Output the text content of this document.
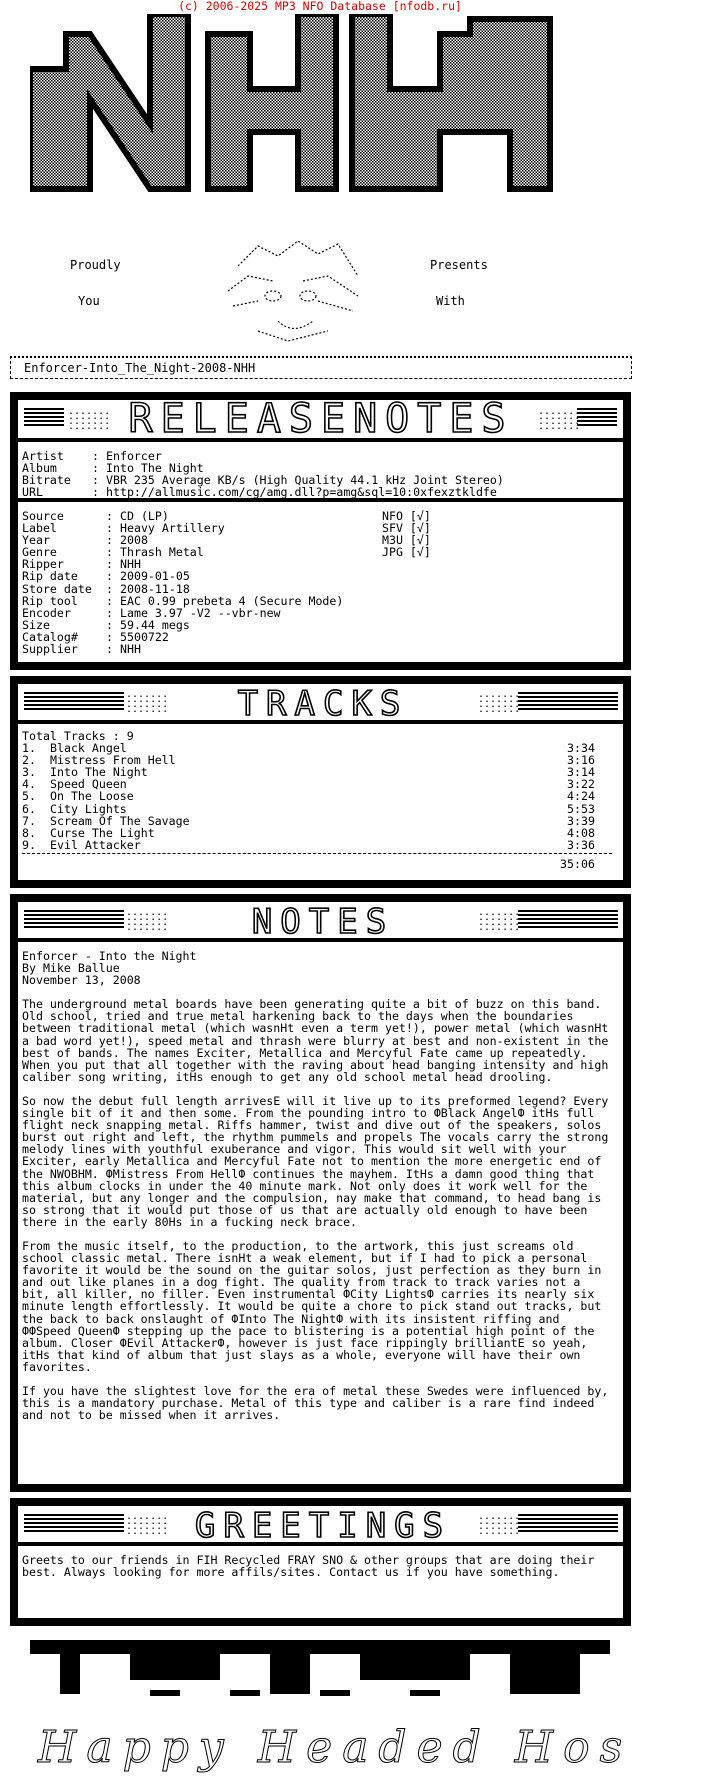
(c) 2006-2025 MP3 NFO Database [nfodb.ru]
Proudly	Presents
You	With
Enforcer-Into_The_Night-2008-NHH
.......
.......
.......
.......
.......
.......
.......
.......
RELEASENOTES
Artist : Enforcer
Album	: Into The Night
Bitrate : VBR 235 Average KB/s (High Quality 44.1 kHz Joint Stereo)
URL	: http://allmusic.com/cg/amg.dll?p=amg&sql=10:0xfexztkldfe
Source	: CD (LP)	NFO [√]
Label	: Heavy Artillery	SFV [√]
Year	: 2008	M3U [√]
Genre	: Thrash Metal	JPG [√]
Ripper	: NHH
Rip date : 2009-01-05
Store date : 2008-11-18
Rip tool : EAC 0.99 prebeta 4 (Secure Mode)
Encoder	: Lame 3.97 -V2 --vbr-new
Size	: 59.44 megs
Catalog# : 5500722
Supplier : NHH
.......
.......
.......
.......
.......
.......
.......
.......
TRACKS
Total Tracks : 9
1. Black Angel	3:34
2. Mistress From Hell	3:16
3. Into The Night	3:14
4. Speed Queen	3:22
5. On The Loose	4:24
6. City Lights	5:53
7. Scream Of The Savage	3:39
8. Curse The Light	4:08
9. Evil Attacker	3:36
35:06
.......
.......
.......
.......
.......
.......
.......
.......
NOTES
Enforcer - Into the Night
By Mike Ballue
November 13, 2008
The underground metal boards have been generating quite a bit of buzz on this band. Old school, tried and true metal harkening back to the days when the boundaries between traditional metal (which wasnНt even a term yet!), power metal (which wasnНt a bad word yet!), speed metal and thrash were blurry at best and non-existent in the best of bands. The names Exciter, Metallica and Mercyful Fate came up repeatedly. When you put that all together with the raving about head banging intensity and high caliber song writing, itНs enough to get any old school metal head drooling.
So now the debut full length arrivesЕ will it live up to its preformed legend? Every single bit of it and then some. From the pounding intro to ФBlack AngelФ itНs full flight neck snapping metal. Riffs hammer, twist and dive out of the speakers, solos burst out right and left, the rhythm pummels and propels The vocals carry the strong melody lines with youthful exuberance and vigor. This would sit well with your Exciter, early Metallica and Mercyful Fate not to mention the more energetic end of the NWOBHM. ФMistress From HellФ continues the mayhem. ItНs a damn good thing that this album clocks in under the 40 minute mark. Not only does it work well for the material, but any longer and the compulsion, nay make that command, to head bang is so strong that it would put those of us that are actually old enough to have been there in the early 80Нs in a fucking neck brace.
From the music itself, to the production, to the artwork, this just screams old school classic metal. There isnНt a weak element, but if I had to pick a personal favorite it would be the sound on the guitar solos, just perfection as they burn in and out like planes in a dog fight. The quality from track to track varies not a bit, all killer, no filler. Even instrumental ФCity LightsФ carries its nearly six minute length effortlessly. It would be quite a chore to pick stand out tracks, but the back to back onslaught of ФInto The NightФ with its insistent riffing and ФФSpeed QueenФ stepping up the pace to blistering is a potential high point of the album. Closer ФEvil AttackerФ, however is just face rippingly brilliantЕ so yeah, itНs that kind of album that just slays as a whole, everyone will have their own favorites.
If you have the slightest love for the era of metal these Swedes were influenced by, this is a mandatory purchase. Metal of this type and caliber is a rare find indeed and not to be missed when it arrives.
.......
.......
.......
.......
.......
.......
.......
.......
GREETINGS
Greets to our friends in FIH Recycled FRAY SNO & other groups that are doing their best. Always looking for more affils/sites. Contact us if you have something.
Happy Headed Hos
